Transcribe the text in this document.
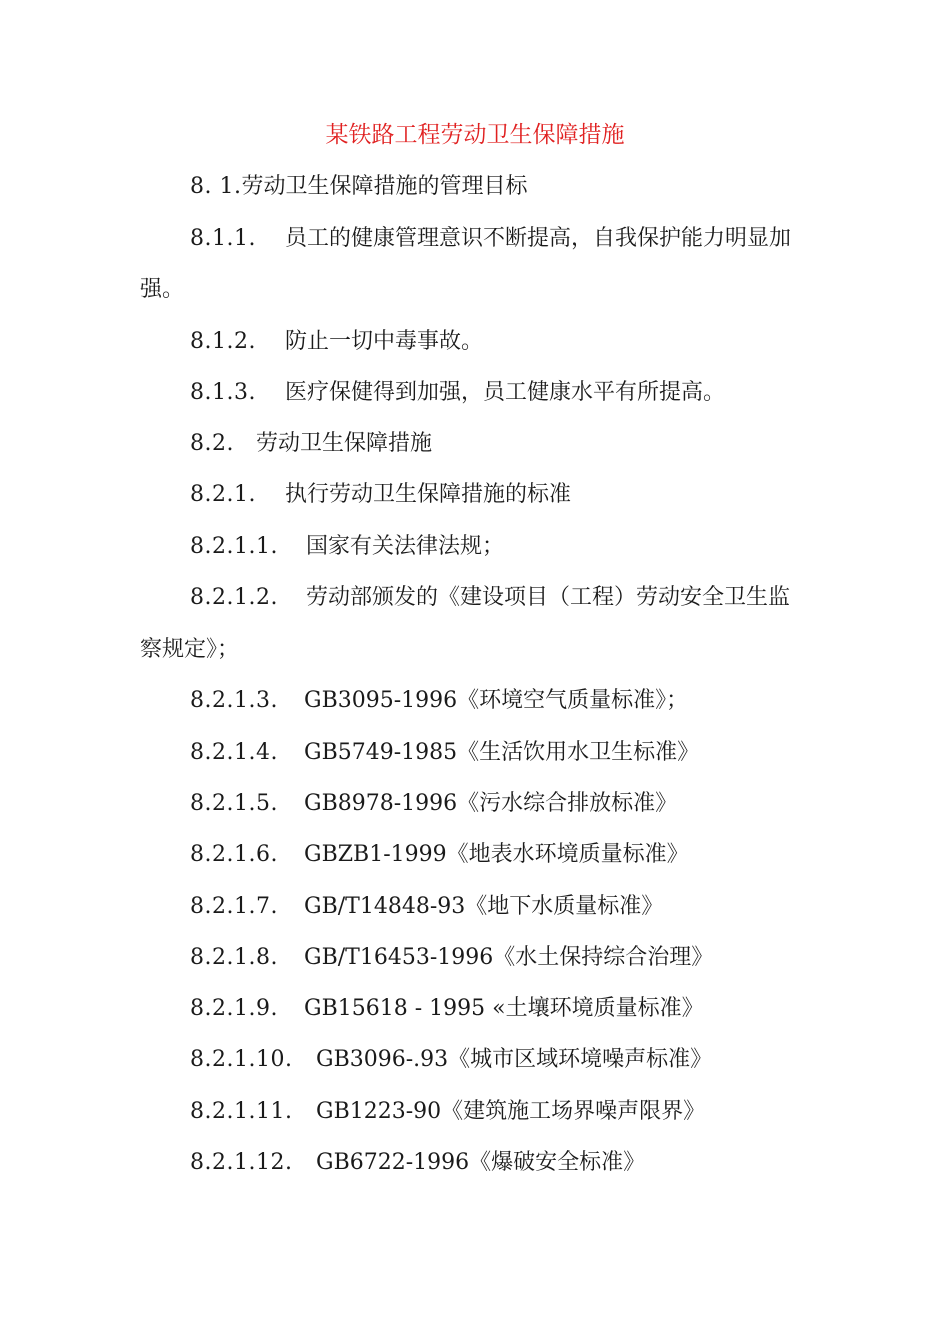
某铁路工程劳动卫生保障措施
8. 1.劳动卫生保障措施的管理目标
8.1.1. 员工的健康管理意识不断提高，自我保护能力明显加
强。
8.1.2. 防止一切中毒事故。
8.1.3. 医疗保健得到加强，员工健康水平有所提高。
8.2. 劳动卫生保障措施
8.2.1. 执行劳动卫生保障措施的标准
8.2.1.1. 国家有关法律法规；
8.2.1.2. 劳动部颁发的《建设项目（工程）劳动安全卫生监
察规定》；
8.2.1.3. GB3095-1996《环境空气质量标准》；
8.2.1.4. GB5749-1985《生活饮用水卫生标准》
8.2.1.5. GB8978-1996《污水综合排放标准》
8.2.1.6. GBZB1-1999《地表水环境质量标准》
8.2.1.7. GB/T14848-93《地下水质量标准》
8.2.1.8. GB/T16453-1996《水土保持综合治理》
8.2.1.9. GB15618 - 1995 «土壤环境质量标准》
8.2.1.10. GB3096-.93《城市区域环境噪声标准》
8.2.1.11. GB1223-90《建筑施工场界噪声限界》
8.2.1.12. GB6722-1996《爆破安全标准》
